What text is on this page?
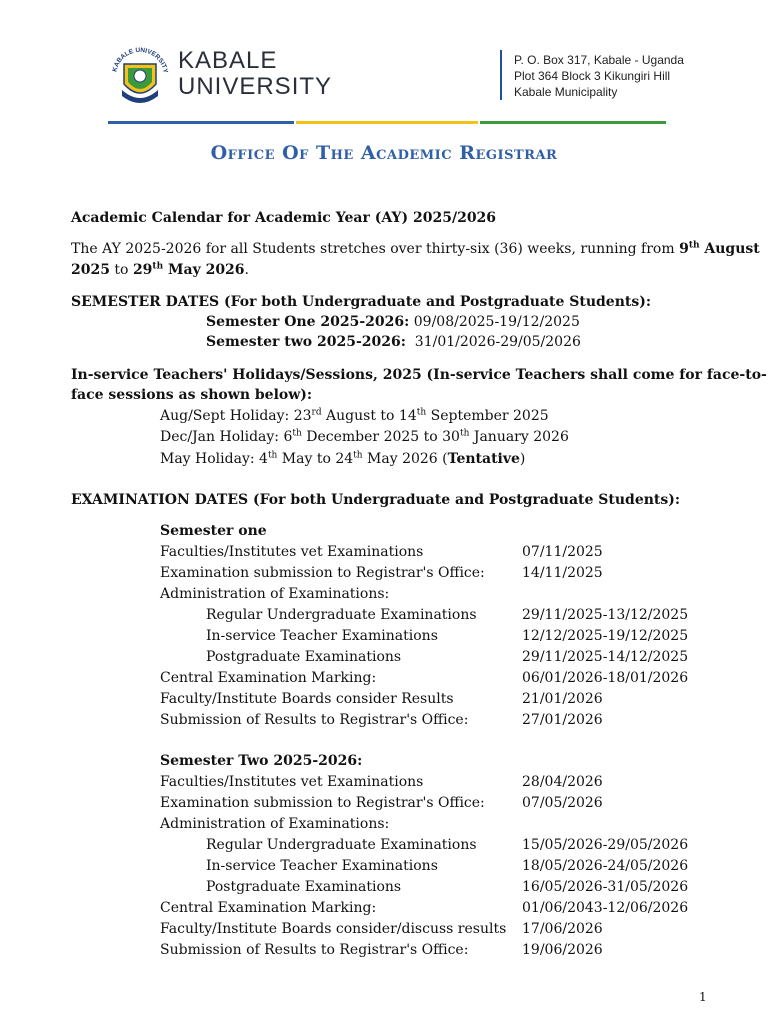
KABALE UNIVERSITY KABALE
UNIVERSITY
P. O. Box 317, Kabale - Uganda
Plot 364 Block 3 Kikungiri Hill
Kabale Municipality
Office Of The Academic Registrar
Academic Calendar for Academic Year (AY) 2025/2026
The AY 2025-2026 for all Students stretches over thirty-six (36) weeks, running from 9th August
2025 to 29th May 2026.
SEMESTER DATES (For both Undergraduate and Postgraduate Students):
Semester One 2025-2026: 09/08/2025-19/12/2025
Semester two 2025-2026:  31/01/2026-29/05/2026
In-service Teachers' Holidays/Sessions, 2025 (In-service Teachers shall come for face-to-
face sessions as shown below):
Aug/Sept Holiday: 23rd August to 14th September 2025
Dec/Jan Holiday: 6th December 2025 to 30th January 2026
May Holiday: 4th May to 24th May 2026 (Tentative)
EXAMINATION DATES (For both Undergraduate and Postgraduate Students):
Semester one
Faculties/Institutes vet Examinations	07/11/2025
Examination submission to Registrar's Office:	14/11/2025
Administration of Examinations:
Regular Undergraduate Examinations	29/11/2025-13/12/2025
In-service Teacher Examinations	12/12/2025-19/12/2025
Postgraduate Examinations	29/11/2025-14/12/2025
Central Examination Marking:	06/01/2026-18/01/2026
Faculty/Institute Boards consider Results	21/01/2026
Submission of Results to Registrar's Office:	27/01/2026
Semester Two 2025-2026:
Faculties/Institutes vet Examinations	28/04/2026
Examination submission to Registrar's Office:	07/05/2026
Administration of Examinations:
Regular Undergraduate Examinations	15/05/2026-29/05/2026
In-service Teacher Examinations	18/05/2026-24/05/2026
Postgraduate Examinations	16/05/2026-31/05/2026
Central Examination Marking:	01/06/2043-12/06/2026
Faculty/Institute Boards consider/discuss results 17/06/2026
Submission of Results to Registrar's Office:	19/06/2026
1
